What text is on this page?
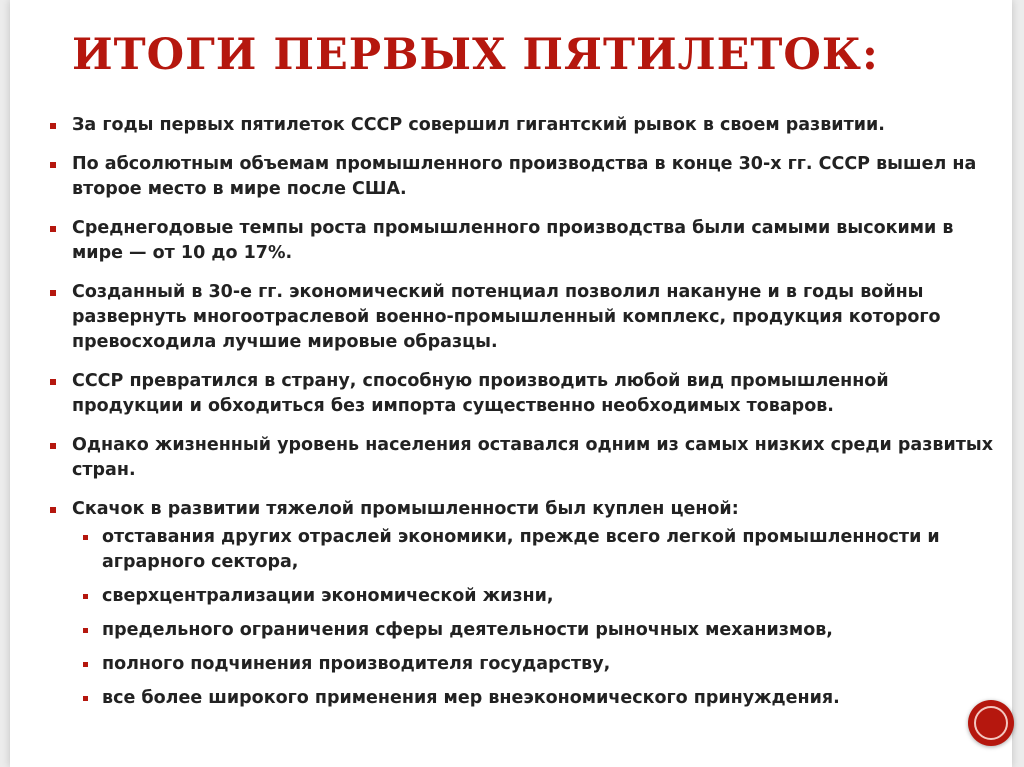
ИТОГИ ПЕРВЫХ ПЯТИЛЕТОК:
За годы первых пятилеток СССР совершил гигантский рывок в своем развитии.
По абсолютным объемам промышленного производства в конце 30-х гг. СССР вышел на второе место в мире после США.
Среднегодовые темпы роста промышленного производства были самыми высокими в мире — от 10 до 17%.
Созданный в 30-е гг. экономический потенциал позволил накануне и в годы войны развернуть многоотраслевой военно-промышленный комплекс, продукция которого превосходила лучшие мировые образцы.
СССР превратился в страну, способную производить любой вид промышленной продукции и обходиться без импорта существенно необходимых товаров.
Однако жизненный уровень населения оставался одним из самых низких среди развитых стран.
Скачок в развитии тяжелой промышленности был куплен ценой:
отставания других отраслей экономики, прежде всего легкой промышленности и аграрного сектора,
сверхцентрализации экономической жизни,
предельного ограничения сферы деятельности рыночных механизмов,
полного подчинения производителя государству,
все более широкого применения мер внеэкономического принуждения.
